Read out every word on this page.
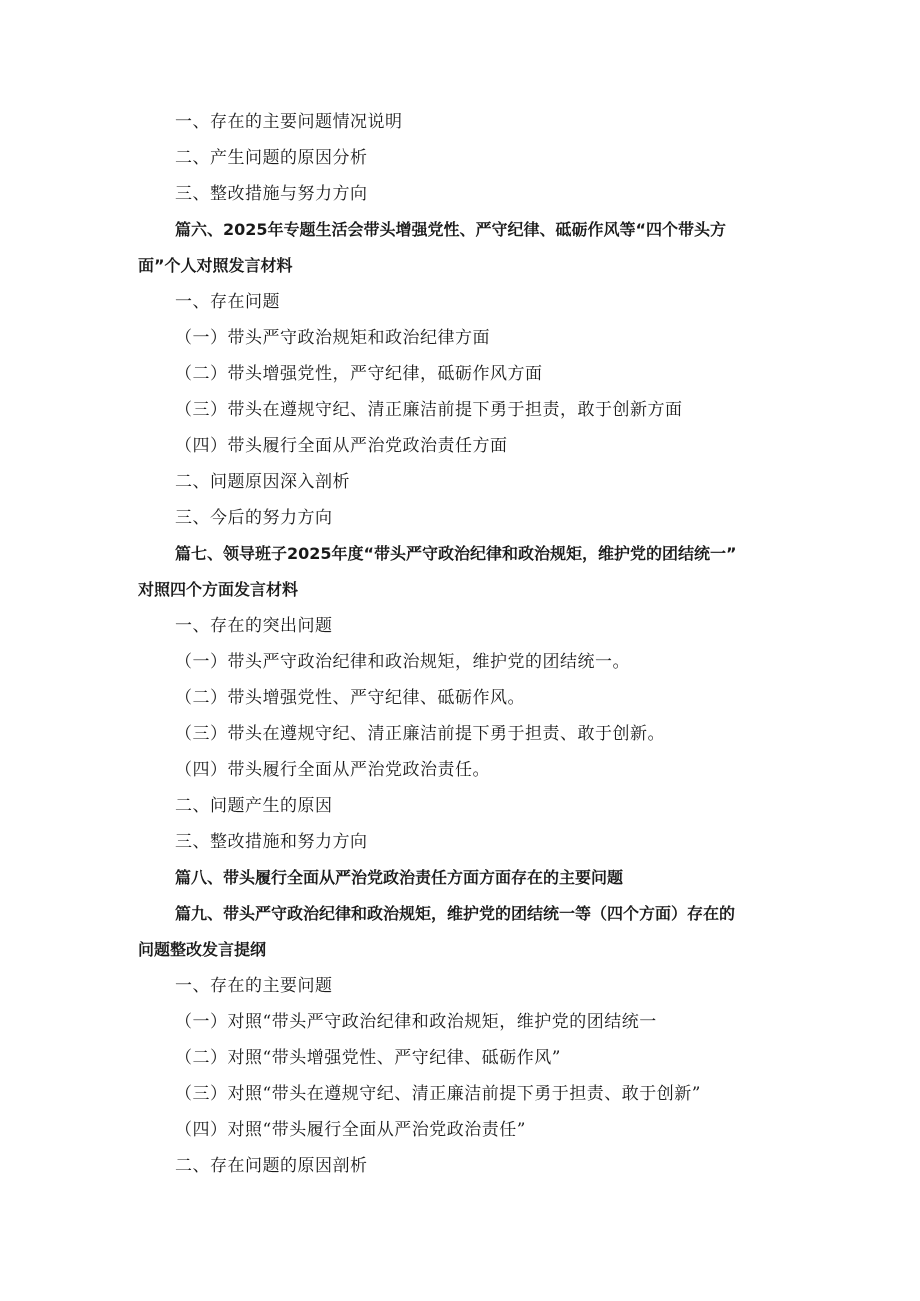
一、存在的主要问题情况说明
二、产生问题的原因分析
三、整改措施与努力方向
篇六、2025年专题生活会带头增强党性、严守纪律、砥砺作风等“四个带头方
面”个人对照发言材料
一、存在问题
（一）带头严守政治规矩和政治纪律方面
（二）带头增强党性，严守纪律，砥砺作风方面
（三）带头在遵规守纪、清正廉洁前提下勇于担责，敢于创新方面
（四）带头履行全面从严治党政治责任方面
二、问题原因深入剖析
三、今后的努力方向
篇七、领导班子2025年度“带头严守政治纪律和政治规矩，维护党的团结统一”
对照四个方面发言材料
一、存在的突出问题
（一）带头严守政治纪律和政治规矩，维护党的团结统一。
（二）带头增强党性、严守纪律、砥砺作风。
（三）带头在遵规守纪、清正廉洁前提下勇于担责、敢于创新。
（四）带头履行全面从严治党政治责任。
二、问题产生的原因
三、整改措施和努力方向
篇八、带头履行全面从严治党政治责任方面方面存在的主要问题
篇九、带头严守政治纪律和政治规矩，维护党的团结统一等（四个方面）存在的
问题整改发言提纲
一、存在的主要问题
（一）对照“带头严守政治纪律和政治规矩，维护党的团结统一
（二）对照“带头增强党性、严守纪律、砥砺作风”
（三）对照“带头在遵规守纪、清正廉洁前提下勇于担责、敢于创新”
（四）对照“带头履行全面从严治党政治责任”
二、存在问题的原因剖析
